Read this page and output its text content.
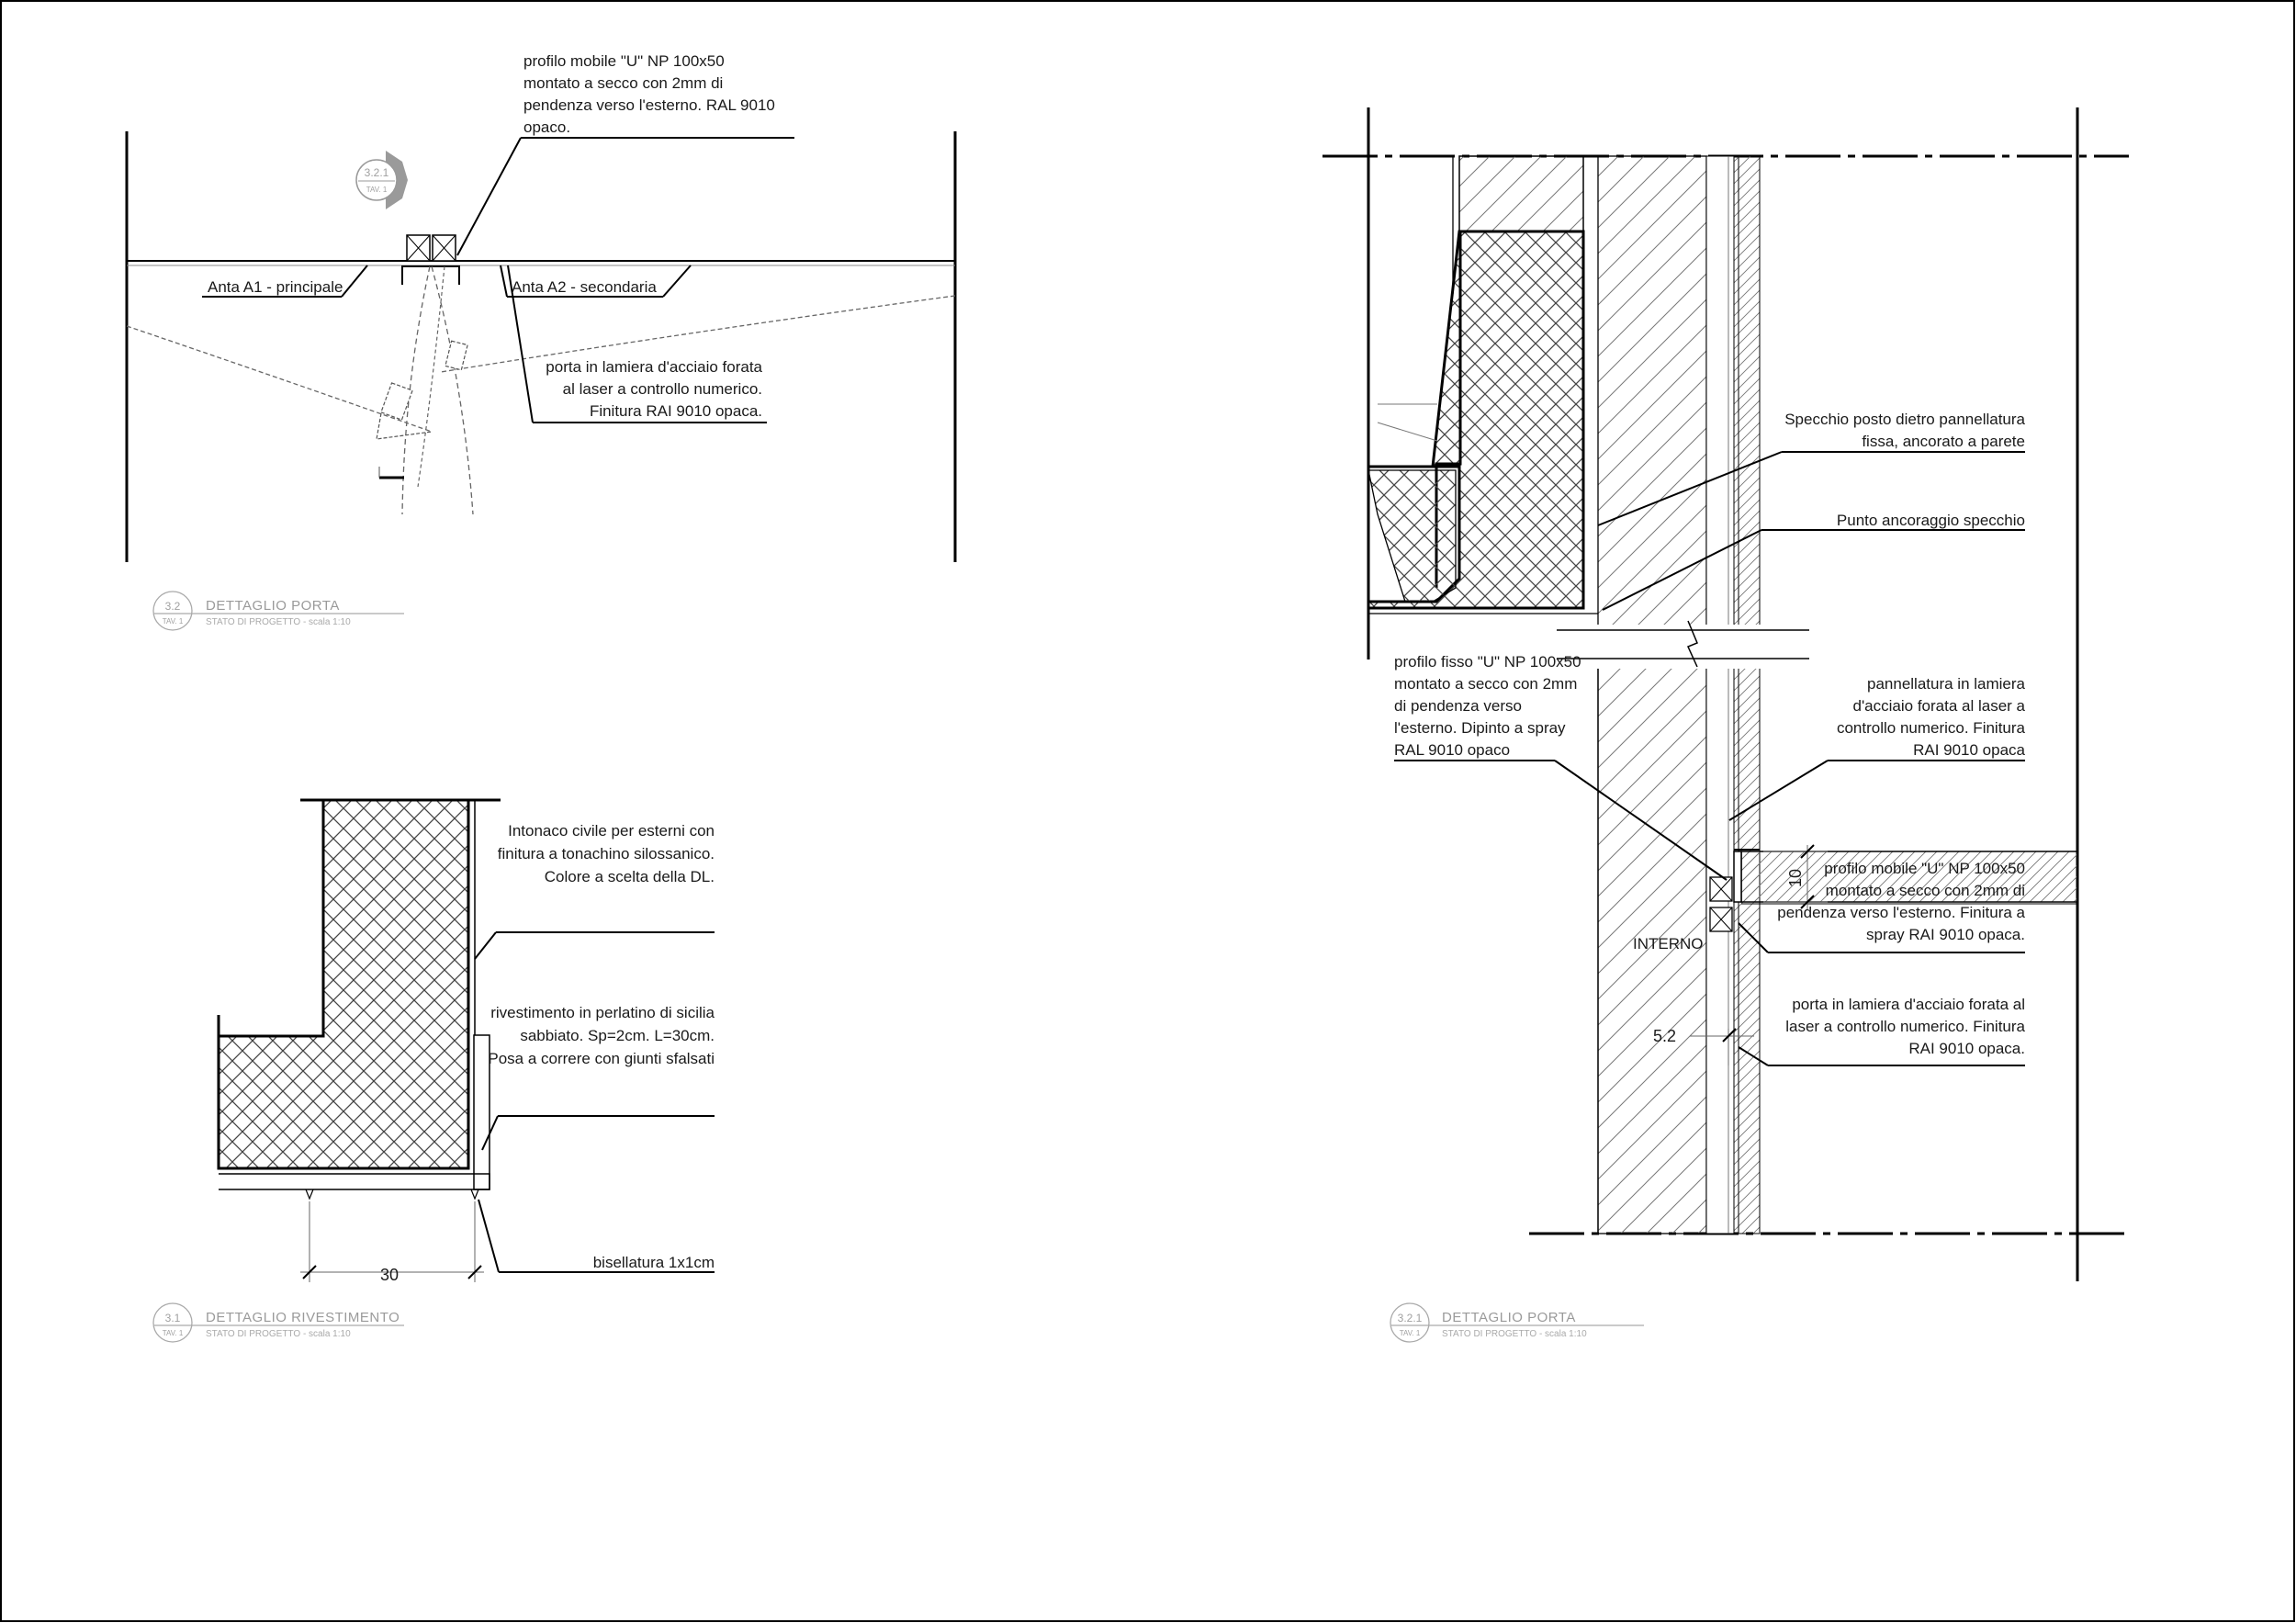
3.2.1
TAV. 1
profilo mobile "U" NP 100x50 montato a secco con 2mm di pendenza verso l'esterno. RAL 9010 opaco.
Anta A1 - principale	Anta A2 - secondaria
porta in lamiera d'acciaio forata al laser a controllo numerico. Finitura RAI 9010 opaca.
3.2
TAV. 1
DETTAGLIO PORTA
STATO DI PROGETTO - scala 1:10
30
Intonaco civile per esterni con finitura a tonachino silossanico. Colore a scelta della DL.
rivestimento in perlatino di sicilia sabbiato. Sp=2cm. L=30cm. Posa a correre con giunti sfalsati
bisellatura 1x1cm
3.1
TAV. 1
DETTAGLIO RIVESTIMENTO
STATO DI PROGETTO - scala 1:10
10
5.2
INTERNO
Specchio posto dietro pannellatura fissa, ancorato a parete
Punto ancoraggio specchio
profilo fisso "U" NP 100x50 montato a secco con 2mm di pendenza verso l'esterno. Dipinto a spray RAL 9010 opaco
pannellatura in lamiera d'acciaio forata al laser a controllo numerico. Finitura RAI 9010 opaca
profilo mobile "U" NP 100x50 montato a secco con 2mm di pendenza verso l'esterno. Finitura a spray RAI 9010 opaca.
porta in lamiera d'acciaio forata al laser a controllo numerico. Finitura RAI 9010 opaca.
3.2.1
TAV. 1
DETTAGLIO PORTA
STATO DI PROGETTO - scala 1:10
